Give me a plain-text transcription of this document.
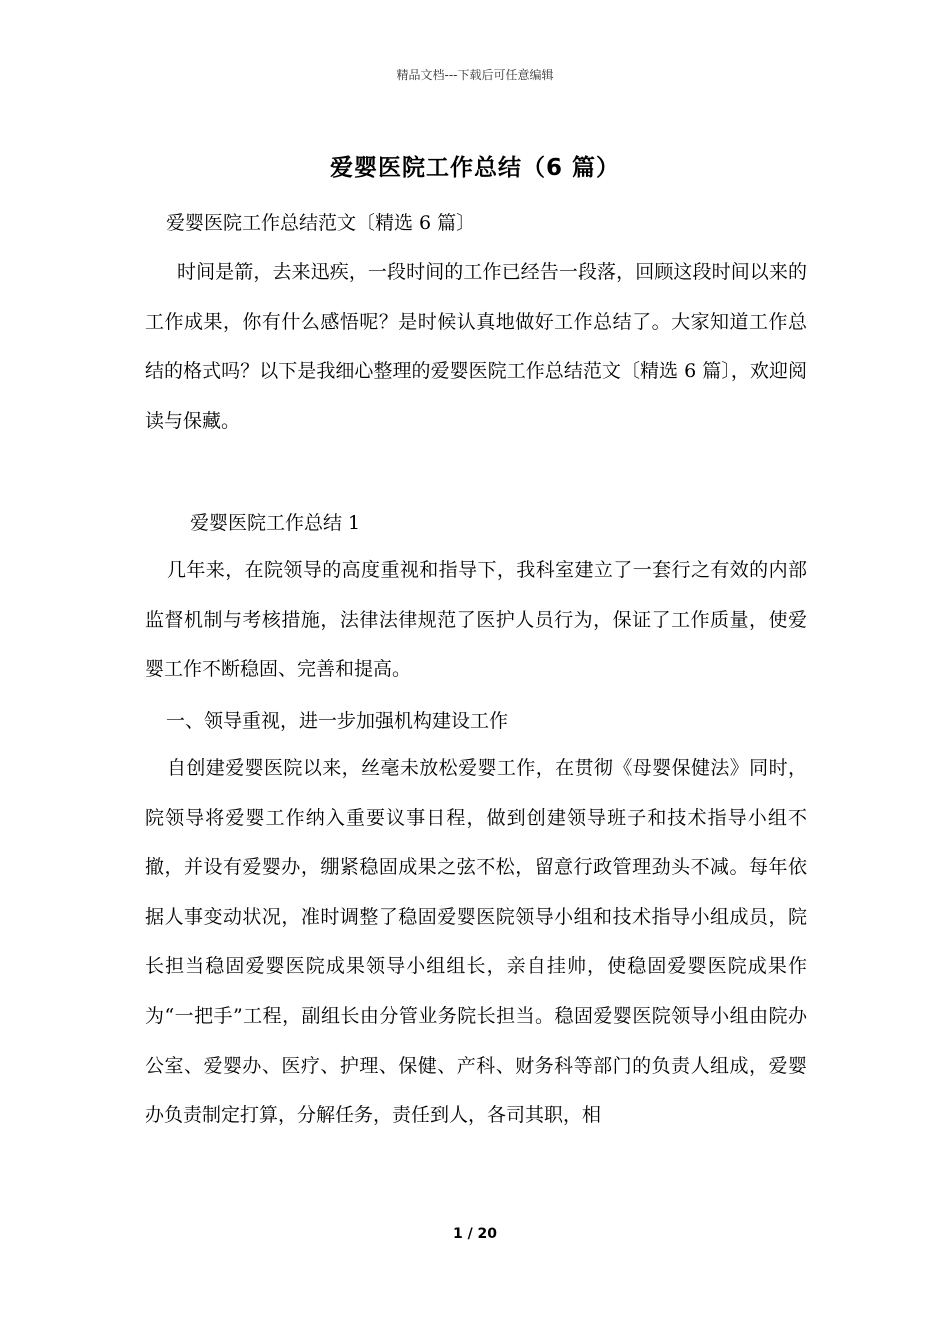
精品文档---下载后可任意编辑
爱婴医院工作总结（6 篇）
爱婴医院工作总结范文〔精选 6 篇〕

时间是箭，去来迅疾，一段时间的工作已经告一段落，回顾这段时间以来的工作成果，你有什么感悟呢？是时候认真地做好工作总结了。大家知道工作总结的格式吗？以下是我细心整理的爱婴医院工作总结范文〔精选 6 篇〕，欢迎阅读与保藏。

爱婴医院工作总结 1

几年来，在院领导的高度重视和指导下，我科室建立了一套行之有效的内部监督机制与考核措施，法律法律规范了医护人员行为，保证了工作质量，使爱婴工作不断稳固、完善和提高。

一、领导重视，进一步加强机构建设工作

自创建爱婴医院以来，丝毫未放松爱婴工作，在贯彻《母婴保健法》同时，院领导将爱婴工作纳入重要议事日程，做到创建领导班子和技术指导小组不撤，并设有爱婴办，绷紧稳固成果之弦不松，留意行政管理劲头不减。每年依据人事变动状况，准时调整了稳固爱婴医院领导小组和技术指导小组成员，院长担当稳固爱婴医院成果领导小组组长，亲自挂帅，使稳固爱婴医院成果作为“一把手”工程，副组长由分管业务院长担当。稳固爱婴医院领导小组由院办公室、爱婴办、医疗、护理、保健、产科、财务科等部门的负责人组成，爱婴办负责制定打算，分解任务，责任到人，各司其职，相

1 / 20
